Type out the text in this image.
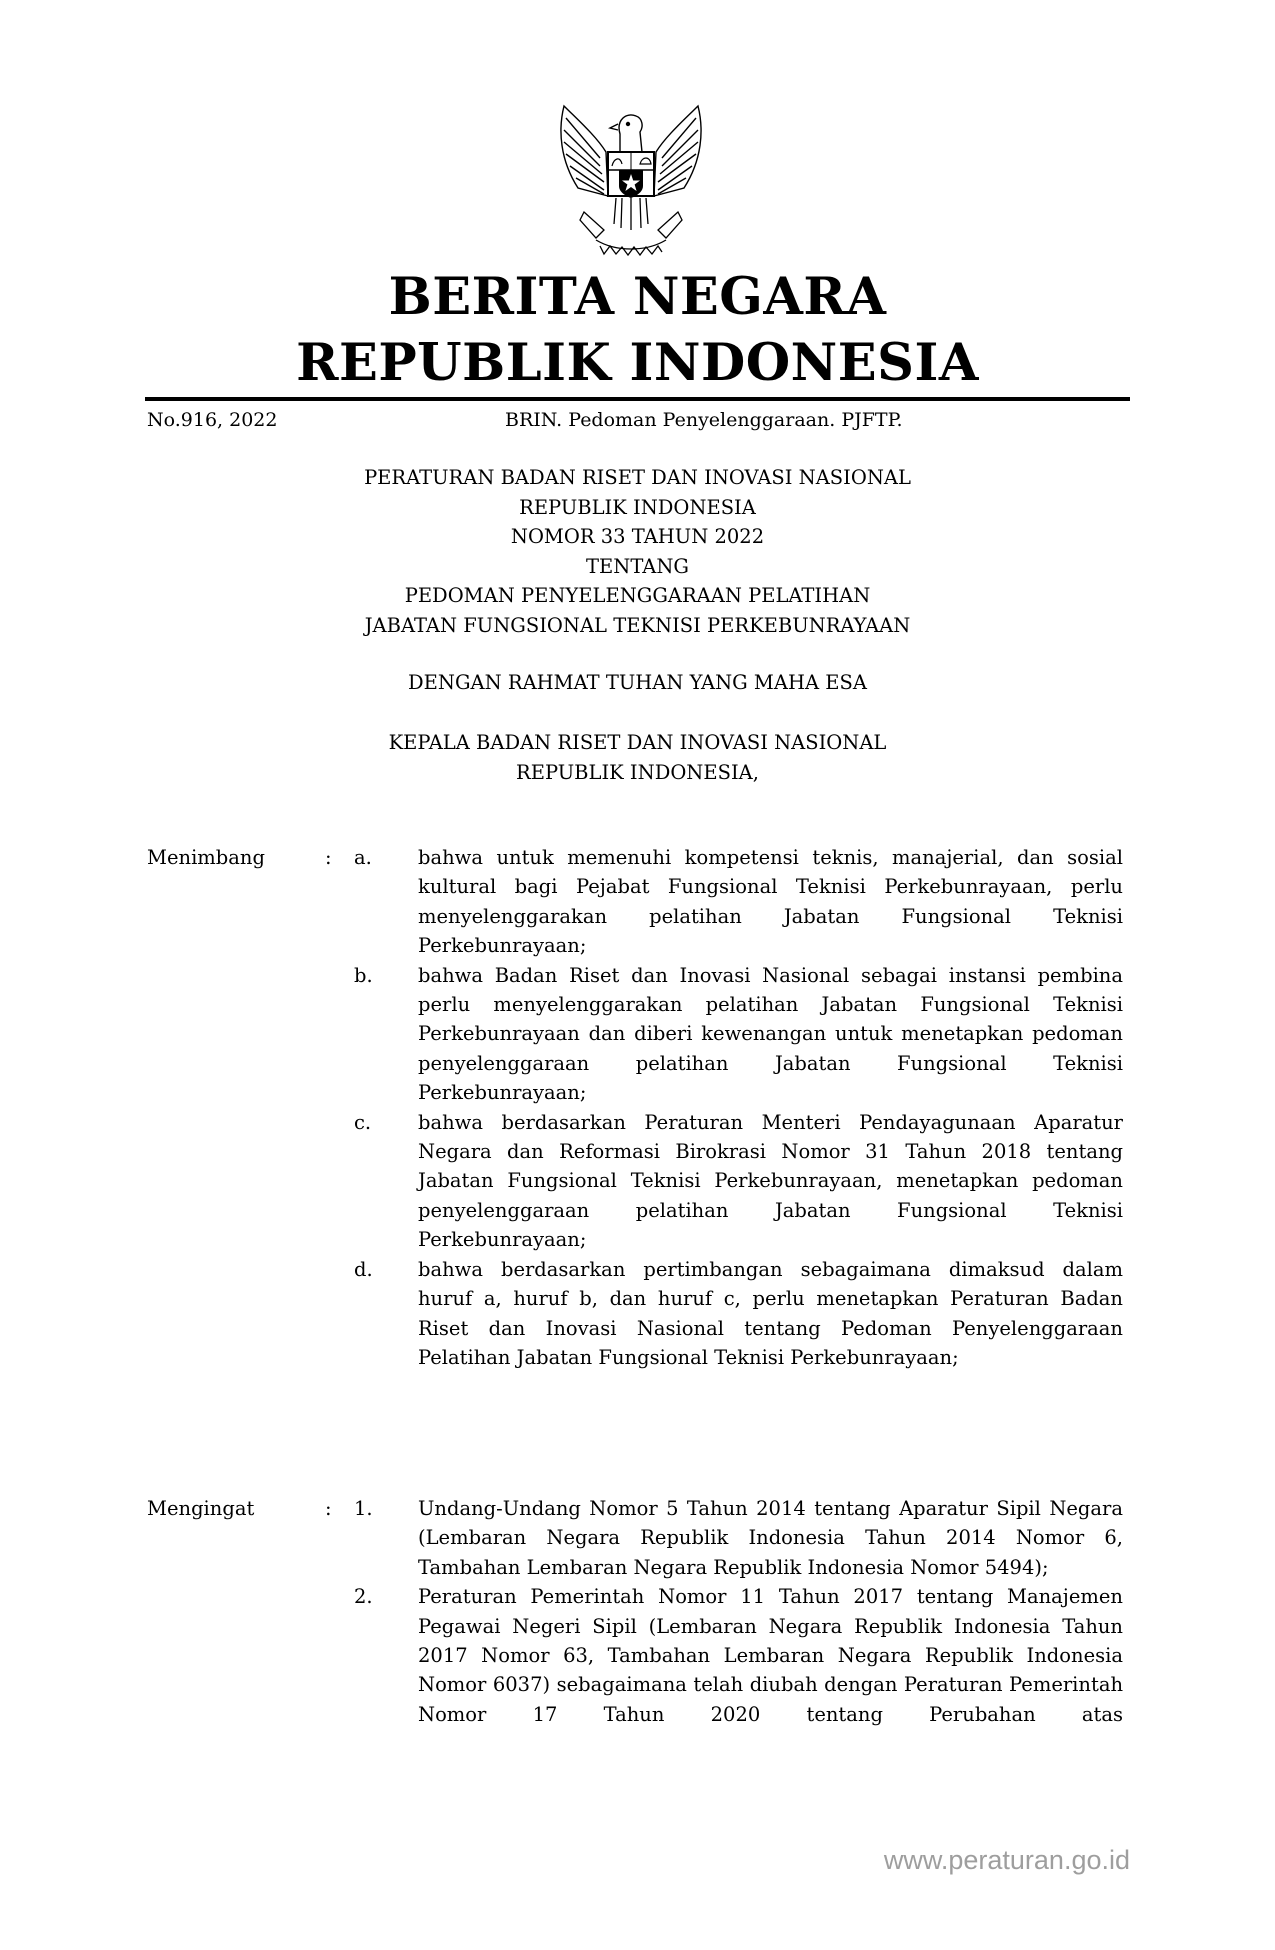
BERITA NEGARA
REPUBLIK INDONESIA
No.916, 2022	BRIN. Pedoman Penyelenggaraan. PJFTP.
PERATURAN BADAN RISET DAN INOVASI NASIONAL
REPUBLIK INDONESIA
NOMOR 33 TAHUN 2022
TENTANG
PEDOMAN PENYELENGGARAAN PELATIHAN
JABATAN FUNGSIONAL TEKNISI PERKEBUNRAYAAN
DENGAN RAHMAT TUHAN YANG MAHA ESA
KEPALA BADAN RISET DAN INOVASI NASIONAL
REPUBLIK INDONESIA,
Menimbang	: a. bahwa untuk memenuhi kompetensi teknis, manajerial, dan sosial kultural bagi Pejabat Fungsional Teknisi Perkebunrayaan, perlu menyelenggarakan pelatihan Jabatan Fungsional Teknisi Perkebunrayaan;
b. bahwa Badan Riset dan Inovasi Nasional sebagai instansi pembina perlu menyelenggarakan pelatihan Jabatan Fungsional Teknisi Perkebunrayaan dan diberi kewenangan untuk menetapkan pedoman penyelenggaraan pelatihan Jabatan Fungsional Teknisi Perkebunrayaan;
c. bahwa berdasarkan Peraturan Menteri Pendayagunaan Aparatur Negara dan Reformasi Birokrasi Nomor 31 Tahun 2018 tentang Jabatan Fungsional Teknisi Perkebunrayaan, menetapkan pedoman penyelenggaraan pelatihan Jabatan Fungsional Teknisi Perkebunrayaan;
d. bahwa berdasarkan pertimbangan sebagaimana dimaksud dalam huruf a, huruf b, dan huruf c, perlu menetapkan Peraturan Badan Riset dan Inovasi Nasional tentang Pedoman Penyelenggaraan Pelatihan Jabatan Fungsional Teknisi Perkebunrayaan;
Mengingat	: 1. Undang-Undang Nomor 5 Tahun 2014 tentang Aparatur Sipil Negara (Lembaran Negara Republik Indonesia Tahun 2014 Nomor 6, Tambahan Lembaran Negara Republik Indonesia Nomor 5494);
2. Peraturan Pemerintah Nomor 11 Tahun 2017 tentang Manajemen Pegawai Negeri Sipil (Lembaran Negara Republik Indonesia Tahun 2017 Nomor 63, Tambahan Lembaran Negara Republik Indonesia Nomor 6037) sebagaimana telah diubah dengan Peraturan Pemerintah Nomor 17 Tahun 2020 tentang Perubahan atas
www.peraturan.go.id
